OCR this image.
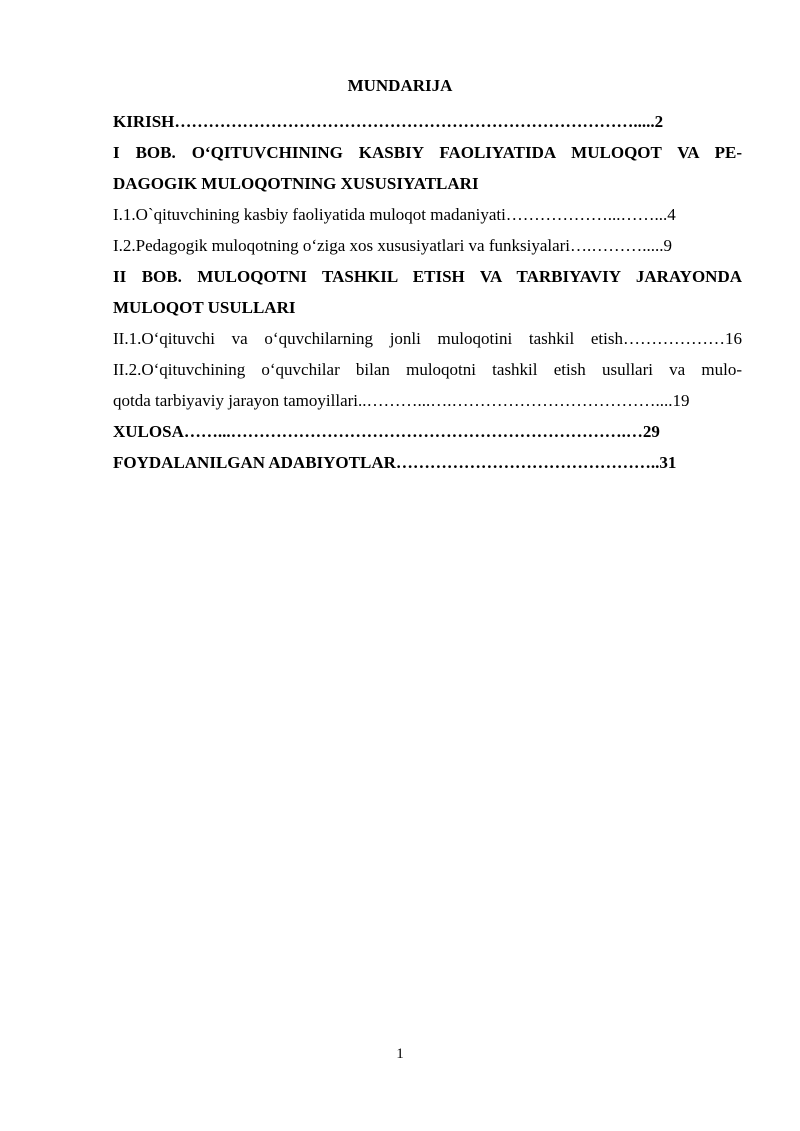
MUNDARIJA
KIRISH……………………………………………………………………….....2
I BOB. O‘QITUVCHINING KASBIY FAOLIYATIDA MULOQOT VA PE-
DAGOGIK MULOQOTNING XUSUSIYATLARI
I.1.O`qituvchining kasbiy faoliyatida muloqot madaniyati………………...……...4
I.2.Pedagogik muloqotning o‘ziga xos xususiyatlari va funksiyalari….……….....9
II BOB. MULOQOTNI TASHKIL ETISH VA TARBIYAVIY JARAYONDA
MULOQOT USULLARI
II.1.O‘qituvchi va o‘quvchilarning jonli muloqotini tashkil etish………………16
II.2.O‘qituvchining o‘quvchilar bilan muloqotni tashkil etish usullari va mulo-
qotda tarbiyaviy jarayon tamoyillari..………...….………………………………....19
XULOSA……...…………………………………………………………….…29
FOYDALANILGAN ADABIYOTLAR………………………………………..31
1
